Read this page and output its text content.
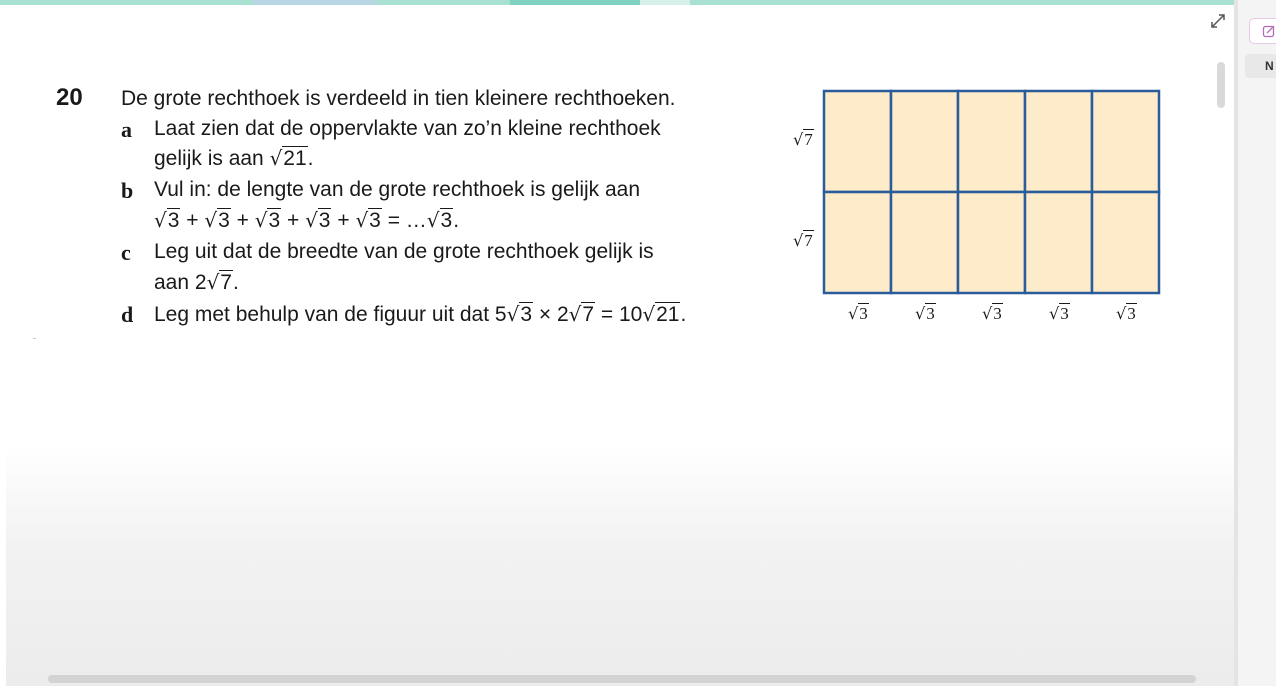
N
20 De grote rechthoek is verdeeld in tien kleinere rechthoeken.
a Laat zien dat de oppervlakte van zo’n kleine rechthoek
gelijk is aan √21.
b Vul in: de lengte van de grote rechthoek is gelijk aan
√3 + √3 + √3 + √3 + √3 = …√3.
c Leg uit dat de breedte van de grote rechthoek gelijk is
aan 2√7.
d Leg met behulp van de figuur uit dat 5√3 × 2√7 = 10√21.
√7
√7
√3	√3	√3	√3	√3
